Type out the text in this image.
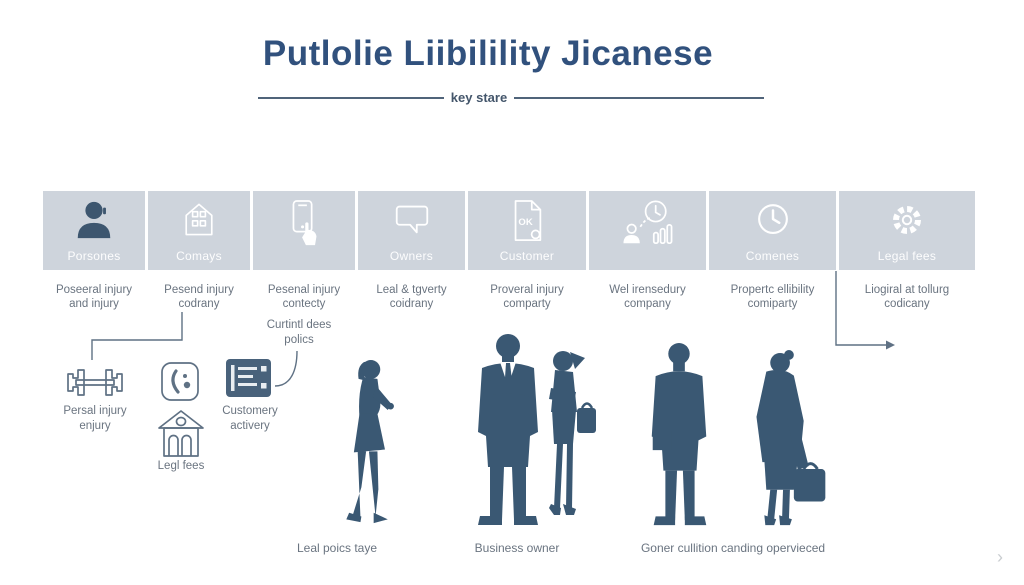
Putlolie Liibilility Jicanese
key stare
Porsones
Poseeral injury
and injury
Comays
Pesend injury
codrany
Pesenal injury
contecty
Owners
Leal & tgverty
coidrany
OK
Customer
Proveral injury
comparty
Wel irensedury
company
Comenes
Propertc ellibility
comiparty
Legal fees
Liogiral at tollurg
codicany
Persal injury
enjury
Legl fees
Customery
activery
Curtintl dees
polics
Leal poics taye	Business owner	Goner cullition canding opervieced	›
